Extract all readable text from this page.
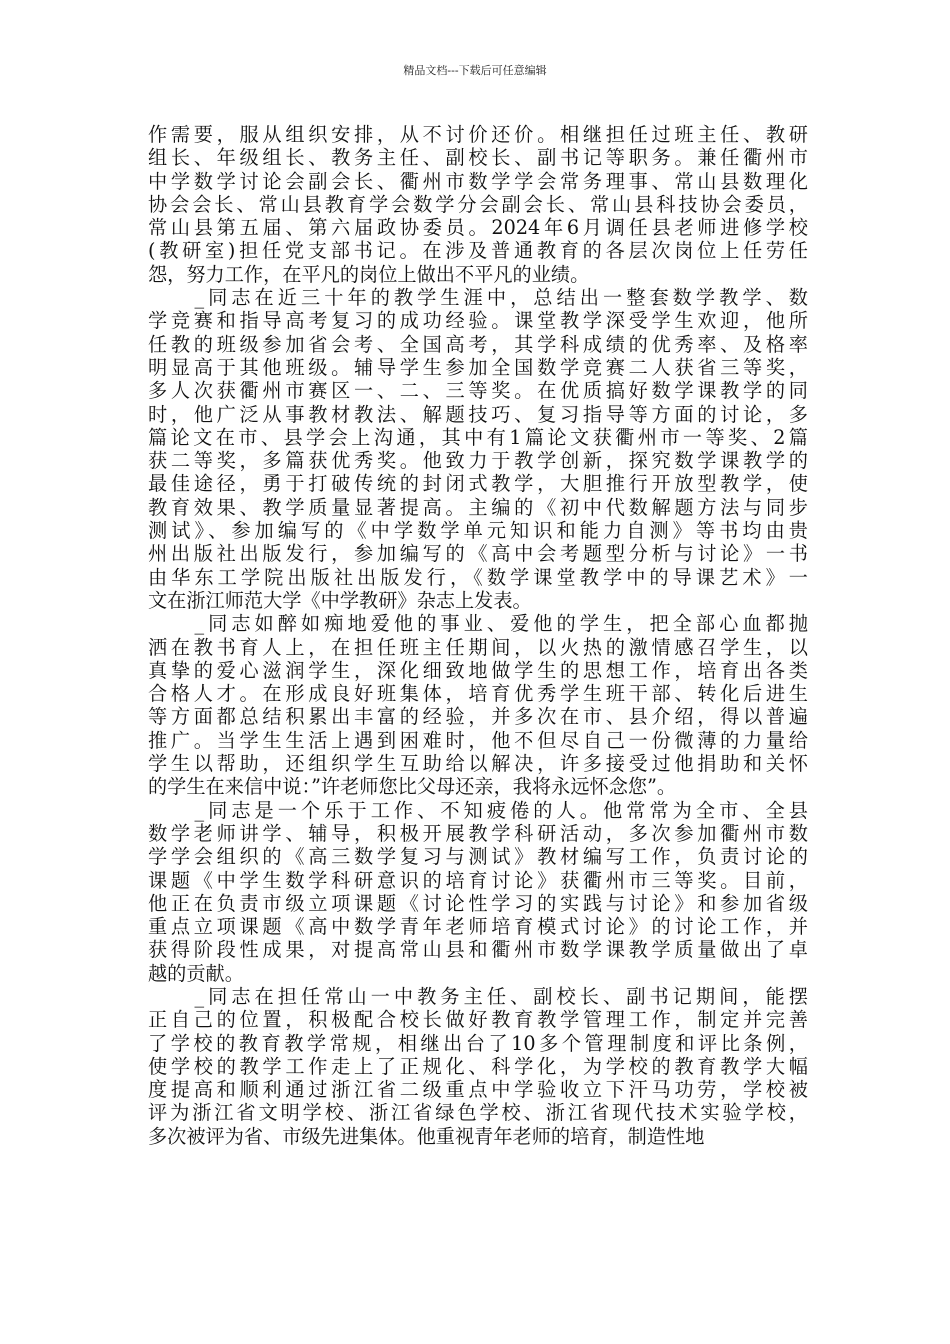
精品文档---下载后可任意编辑
作需要，服从组织安排，从不讨价还价。相继担任过班主任、教研
组长、年级组长、教务主任、副校长、副书记等职务。兼任衢州市
中学数学讨论会副会长、衢州市数学学会常务理事、常山县数理化
协会会长、常山县教育学会数学分会副会长、常山县科技协会委员，
常山县第五届、第六届政协委员。2024年6月调任县老师进修学校
(教研室)担任党支部书记。在涉及普通教育的各层次岗位上任劳任
怨，努力工作，在平凡的岗位上做出不平凡的业绩。
　　_同志在近三十年的教学生涯中，总结出一整套数学教学、数
学竞赛和指导高考复习的成功经验。课堂教学深受学生欢迎，他所
任教的班级参加省会考、全国高考，其学科成绩的优秀率、及格率
明显高于其他班级。辅导学生参加全国数学竞赛二人获省三等奖，
多人次获衢州市赛区一、二、三等奖。在优质搞好数学课教学的同
时，他广泛从事教材教法、解题技巧、复习指导等方面的讨论，多
篇论文在市、县学会上沟通，其中有1篇论文获衢州市一等奖、2篇
获二等奖，多篇获优秀奖。他致力于教学创新，探究数学课教学的
最佳途径，勇于打破传统的封闭式教学，大胆推行开放型教学，使
教育效果、教学质量显著提高。主编的《初中代数解题方法与同步
测试》、参加编写的《中学数学单元知识和能力自测》等书均由贵
州出版社出版发行，参加编写的《高中会考题型分析与讨论》一书
由华东工学院出版社出版发行，《数学课堂教学中的导课艺术》一
文在浙江师范大学《中学教研》杂志上发表。
　　_同志如醉如痴地爱他的事业、爱他的学生，把全部心血都抛
洒在教书育人上，在担任班主任期间，以火热的激情感召学生，以
真挚的爱心滋润学生，深化细致地做学生的思想工作，培育出各类
合格人才。在形成良好班集体，培育优秀学生班干部、转化后进生
等方面都总结积累出丰富的经验，并多次在市、县介绍，得以普遍
推广。当学生生活上遇到困难时，他不但尽自己一份微薄的力量给
学生以帮助，还组织学生互助给以解决，许多接受过他捐助和关怀
的学生在来信中说：”许老师您比父母还亲，我将永远怀念您”。
　　_同志是一个乐于工作、不知疲倦的人。他常常为全市、全县
数学老师讲学、辅导，积极开展教学科研活动，多次参加衢州市数
学学会组织的《高三数学复习与测试》教材编写工作，负责讨论的
课题《中学生数学科研意识的培育讨论》获衢州市三等奖。目前，
他正在负责市级立项课题《讨论性学习的实践与讨论》和参加省级
重点立项课题《高中数学青年老师培育模式讨论》的讨论工作，并
获得阶段性成果，对提高常山县和衢州市数学课教学质量做出了卓
越的贡献。
　　_同志在担任常山一中教务主任、副校长、副书记期间，能摆
正自己的位置，积极配合校长做好教育教学管理工作，制定并完善
了学校的教育教学常规，相继出台了10多个管理制度和评比条例，
使学校的教学工作走上了正规化、科学化，为学校的教育教学大幅
度提高和顺利通过浙江省二级重点中学验收立下汗马功劳，学校被
评为浙江省文明学校、浙江省绿色学校、浙江省现代技术实验学校，
多次被评为省、市级先进集体。他重视青年老师的培育，制造性地
